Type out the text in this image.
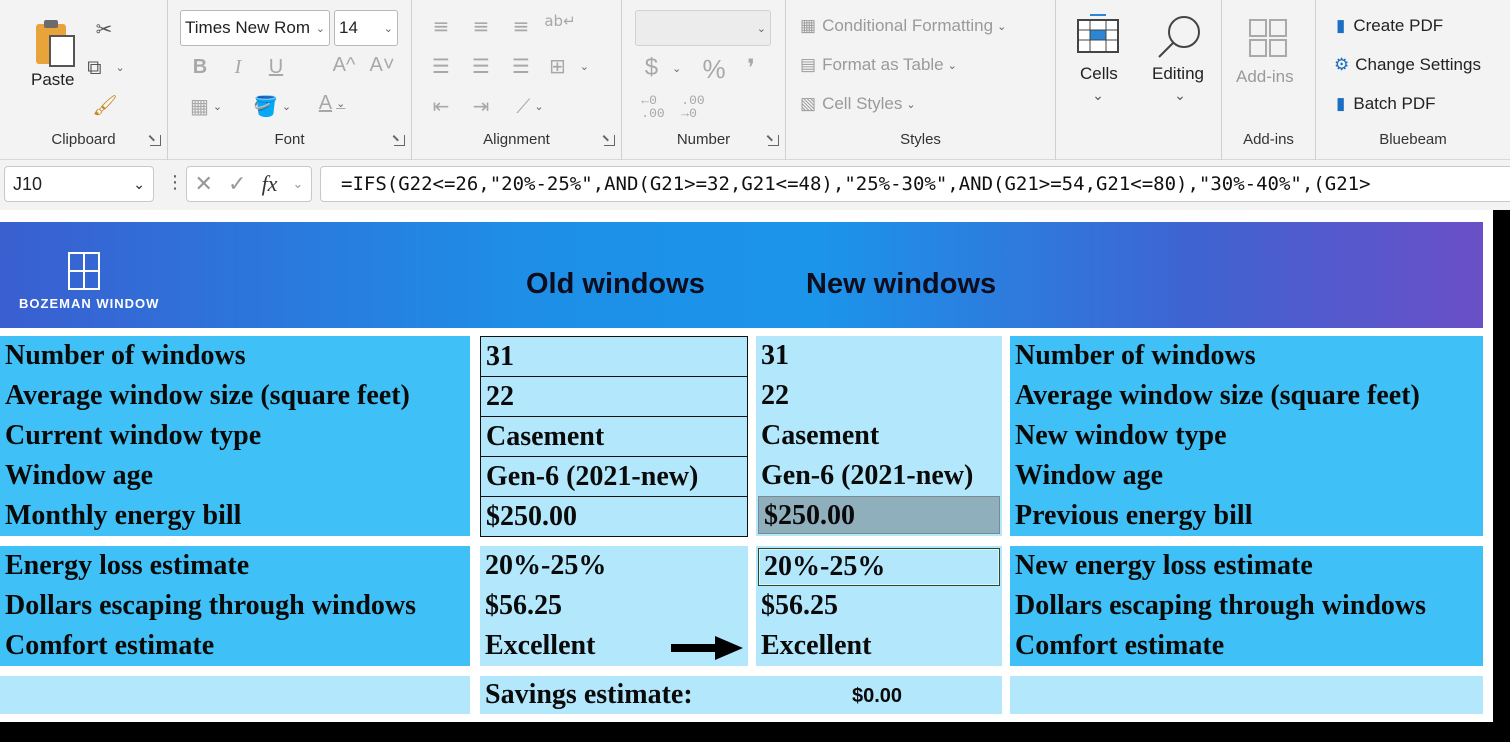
Paste
✂
⧉ ⌄
🖌
Clipboard
Times New Rom ⌄ 14 ⌄
B	I	U A^ A˅
▦ ⌄ 🪣 ⌄	A ⌄
Font
≡ ≡ ≡ ab↵
☰ ☰ ☰ ⊞ ⌄
⇤ ⇥	⟋ ⌄
Alignment
⌄
$ ⌄ % ❜
←0
.00
.00
→0
Number
▦ Conditional Formatting ⌄
▤ Format as Table ⌄
▧ Cell Styles ⌄
Styles
Cells
⌄
Editing
⌄
Add-ins
Add-ins
▮ Create PDF
⚙ Change Settings
▮ Batch PDF
Bluebeam
J10	⌄ ⋮ ✕ ✓ fx ⌄	=IFS(G22<=26,"20%-25%",AND(G21>=32,G21<=48),"25%-30%",AND(G21>=54,G21<=80),"30%-40%",(G21>
BOZEMAN WINDOW
Old windows	New windows
Number of windows
Average window size (square feet)
Current window type
Window age
Monthly energy bill
31
22
Casement
Gen-6 (2021-new)
$250.00
31
22
Casement
Gen-6 (2021-new)
$250.00
Number of windows
Average window size (square feet)
New window type
Window age
Previous energy bill
Energy loss estimate
Dollars escaping through windows
Comfort estimate
20%-25%
$56.25
Excellent
20%-25%
$56.25
Excellent
New energy loss estimate
Dollars escaping through windows
Comfort estimate
Savings estimate:	$0.00
